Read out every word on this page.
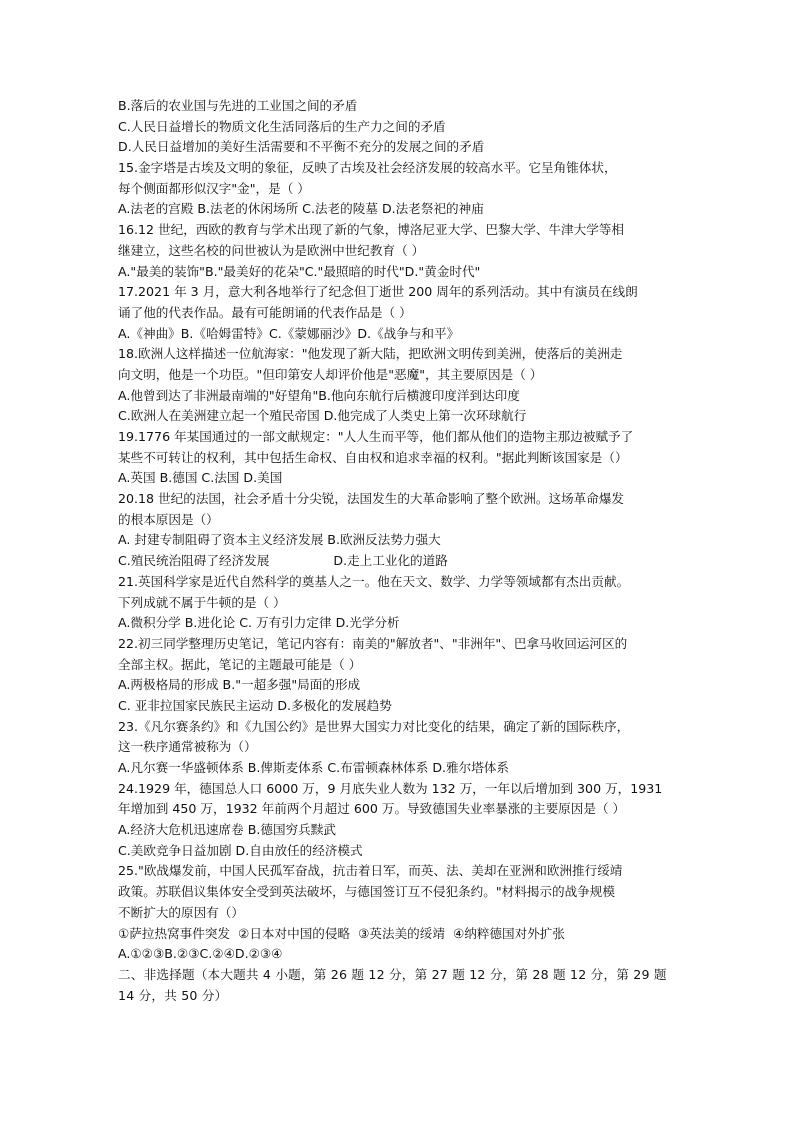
B.落后的农业国与先进的工业国之间的矛盾
C.人民日益增长的物质文化生活同落后的生产力之间的矛盾
D.人民日益增加的美好生活需要和不平衡不充分的发展之间的矛盾
15.金字塔是古埃及文明的象征，反映了古埃及社会经济发展的较高水平。它呈角锥体状，
每个侧面都形似汉字"金"，是（ ）
A.法老的宫殿 B.法老的休闲场所 C.法老的陵墓 D.法老祭祀的神庙
16.12 世纪，西欧的教育与学术出现了新的气象，博洛尼亚大学、巴黎大学、牛津大学等相
继建立，这些名校的问世被认为是欧洲中世纪教育（ ）
A."最美的装饰"B."最美好的花朵"C."最照暗的时代"D."黄金时代"
17.2021 年 3 月，意大利各地举行了纪念但丁逝世 200 周年的系列活动。其中有演员在线朗
诵了他的代表作品。最有可能朗诵的代表作品是（ ）
A.《神曲》B.《哈姆雷特》C.《蒙娜丽沙》D.《战争与和平》
18.欧洲人这样描述一位航海家："他发现了新大陆，把欧洲文明传到美洲，使落后的美洲走
向文明，他是一个功臣。"但印第安人却评价他是"恶魔"，其主要原因是（ ）
A.他曾到达了非洲最南端的"好望角"B.他向东航行后横渡印度洋到达印度
C.欧洲人在美洲建立起一个殖民帝国 D.他完成了人类史上第一次环球航行
19.1776 年某国通过的一部文献规定："人人生而平等，他们都从他们的造物主那边被赋予了
某些不可转让的权利，其中包括生命权、自由权和追求幸福的权利。"据此判断该国家是（）
A.英国 B.德国 C.法国 D.美国
20.18 世纪的法国，社会矛盾十分尖锐，法国发生的大革命影响了整个欧洲。这场革命爆发
的根本原因是（）
A. 封建专制阻碍了资本主义经济发展 B.欧洲反法势力强大
C.殖民统治阻碍了经济发展                D.走上工业化的道路
21.英国科学家是近代自然科学的奠基人之一。他在天文、数学、力学等领域都有杰出贡献。
下列成就不属于牛顿的是（ ）
A.微积分学 B.进化论 C. 万有引力定律 D.光学分析
22.初三同学整理历史笔记，笔记内容有：南美的"解放者"、"非洲年"、巴拿马收回运河区的
全部主权。据此，笔记的主题最可能是（ ）
A.两极格局的形成 B."一超多强"局面的形成
C. 亚非拉国家民族民主运动 D.多极化的发展趋势
23.《凡尔赛条约》和《九国公约》是世界大国实力对比变化的结果，确定了新的国际秩序，
这一秩序通常被称为（）
A.凡尔赛一华盛顿体系 B.俾斯麦体系 C.布雷顿森林体系 D.雅尔塔体系
24.1929 年，德国总人口 6000 万，9 月底失业人数为 132 万，一年以后增加到 300 万，1931
年增加到 450 万，1932 年前两个月超过 600 万。导致德国失业率暴涨的主要原因是（ ）
A.经济大危机迅速席卷 B.德国穷兵黩武
C.美欧竞争日益加剧 D.自由放任的经济模式
25."欧战爆发前，中国人民孤军奋战，抗击着日军，而英、法、美却在亚洲和欧洲推行绥靖
政策。苏联倡议集体安全受到英法破坏，与德国签订互不侵犯条约。"材料揭示的战争规模
不断扩大的原因有（）
①萨拉热窝事件突发  ②日本对中国的侵略  ③英法美的绥靖  ④纳粹德国对外扩张
A.①②③B.②③C.②④D.②③④
二、非选择题（本大题共 4 小题，第 26 题 12 分，第 27 题 12 分，第 28 题 12 分，第 29 题
14 分，共 50 分）
